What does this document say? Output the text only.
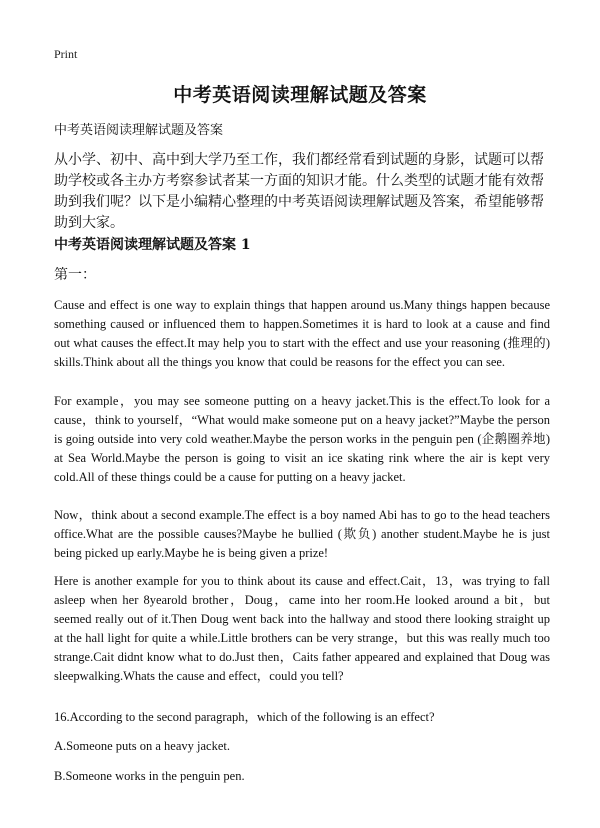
Print
中考英语阅读理解试题及答案
中考英语阅读理解试题及答案
从小学、初中、高中到大学乃至工作，我们都经常看到试题的身影，试题可以帮助学校或各主办方考察参试者某一方面的知识才能。什么类型的试题才能有效帮助到我们呢？以下是小编精心整理的中考英语阅读理解试题及答案，希望能够帮助到大家。
中考英语阅读理解试题及答案 1
第一：
Cause and effect is one way to explain things that happen around us.Many things happen because something caused or influenced them to happen.Sometimes it is hard to look at a cause and find out what causes the effect.It may help you to start with the effect and use your reasoning (推理的) skills.Think about all the things you know that could be reasons for the effect you can see.
For example，you may see someone putting on a heavy jacket.This is the effect.To look for a cause，think to yourself，“What would make someone put on a heavy jacket?”Maybe the person is going outside into very cold weather.Maybe the person works in the penguin pen (企鹅圈养地) at Sea World.Maybe the person is going to visit an ice skating rink where the air is kept very cold.All of these things could be a cause for putting on a heavy jacket.
Now，think about a second example.The effect is a boy named Abi has to go to the head teachers office.What are the possible causes?Maybe he bullied (欺负) another student.Maybe he is just being picked up early.Maybe he is being given a prize!
Here is another example for you to think about its cause and effect.Cait，13，was trying to fall asleep when her 8yearold brother，Doug，came into her room.He looked around a bit，but seemed really out of it.Then Doug went back into the hallway and stood there looking straight up at the hall light for quite a while.Little brothers can be very strange，but this was really much too strange.Cait didnt know what to do.Just then，Caits father appeared and explained that Doug was sleepwalking.Whats the cause and effect，could you tell?
16.According to the second paragraph，which of the following is an effect?
A.Someone puts on a heavy jacket.
B.Someone works in the penguin pen.
